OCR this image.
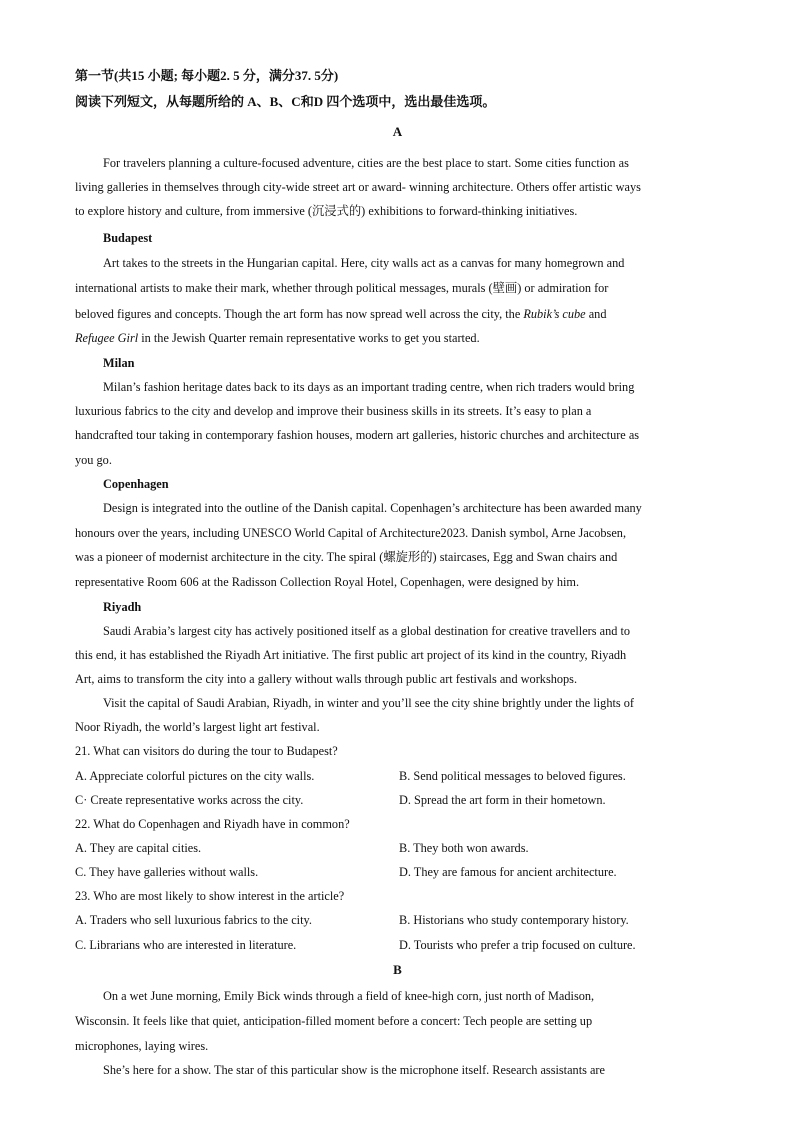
第一节(共15 小题; 每小题2. 5 分，满分37. 5分)
阅读下列短文，从每题所给的 A、B、C和D 四个选项中，选出最佳选项。
A
For travelers planning a culture-focused adventure, cities are the best place to start. Some cities function as
living galleries in themselves through city-wide street art or award- winning architecture. Others offer artistic ways
to explore history and culture, from immersive (沉浸式的) exhibitions to forward-thinking initiatives.
Budapest
Art takes to the streets in the Hungarian capital. Here, city walls act as a canvas for many homegrown and
international artists to make their mark, whether through political messages, murals (壁画) or admiration for
beloved figures and concepts. Though the art form has now spread well across the city, the Rubik’s cube and
Refugee Girl in the Jewish Quarter remain representative works to get you started.
Milan
Milan’s fashion heritage dates back to its days as an important trading centre, when rich traders would bring
luxurious fabrics to the city and develop and improve their business skills in its streets. It’s easy to plan a
handcrafted tour taking in contemporary fashion houses, modern art galleries, historic churches and architecture as
you go.
Copenhagen
Design is integrated into the outline of the Danish capital. Copenhagen’s architecture has been awarded many
honours over the years, including UNESCO World Capital of Architecture2023. Danish symbol, Arne Jacobsen,
was a pioneer of modernist architecture in the city. The spiral (螺旋形的) staircases, Egg and Swan chairs and
representative Room 606 at the Radisson Collection Royal Hotel, Copenhagen, were designed by him.
Riyadh
Saudi Arabia’s largest city has actively positioned itself as a global destination for creative travellers and to
this end, it has established the Riyadh Art initiative. The first public art project of its kind in the country, Riyadh
Art, aims to transform the city into a gallery without walls through public art festivals and workshops.
Visit the capital of Saudi Arabian, Riyadh, in winter and you’ll see the city shine brightly under the lights of
Noor Riyadh, the world’s largest light art festival.
21. What can visitors do during the tour to Budapest?
A. Appreciate colorful pictures on the city walls.	B. Send political messages to beloved figures.
C· Create representative works across the city.	D. Spread the art form in their hometown.
22. What do Copenhagen and Riyadh have in common?
A. They are capital cities.	B. They both won awards.
C. They have galleries without walls.	D. They are famous for ancient architecture.
23. Who are most likely to show interest in the article?
A. Traders who sell luxurious fabrics to the city.	B. Historians who study contemporary history.
C. Librarians who are interested in literature.	D. Tourists who prefer a trip focused on culture.
B
On a wet June morning, Emily Bick winds through a field of knee-high corn, just north of Madison,
Wisconsin. It feels like that quiet, anticipation-filled moment before a concert: Tech people are setting up
microphones, laying wires.
She’s here for a show. The star of this particular show is the microphone itself. Research assistants are
